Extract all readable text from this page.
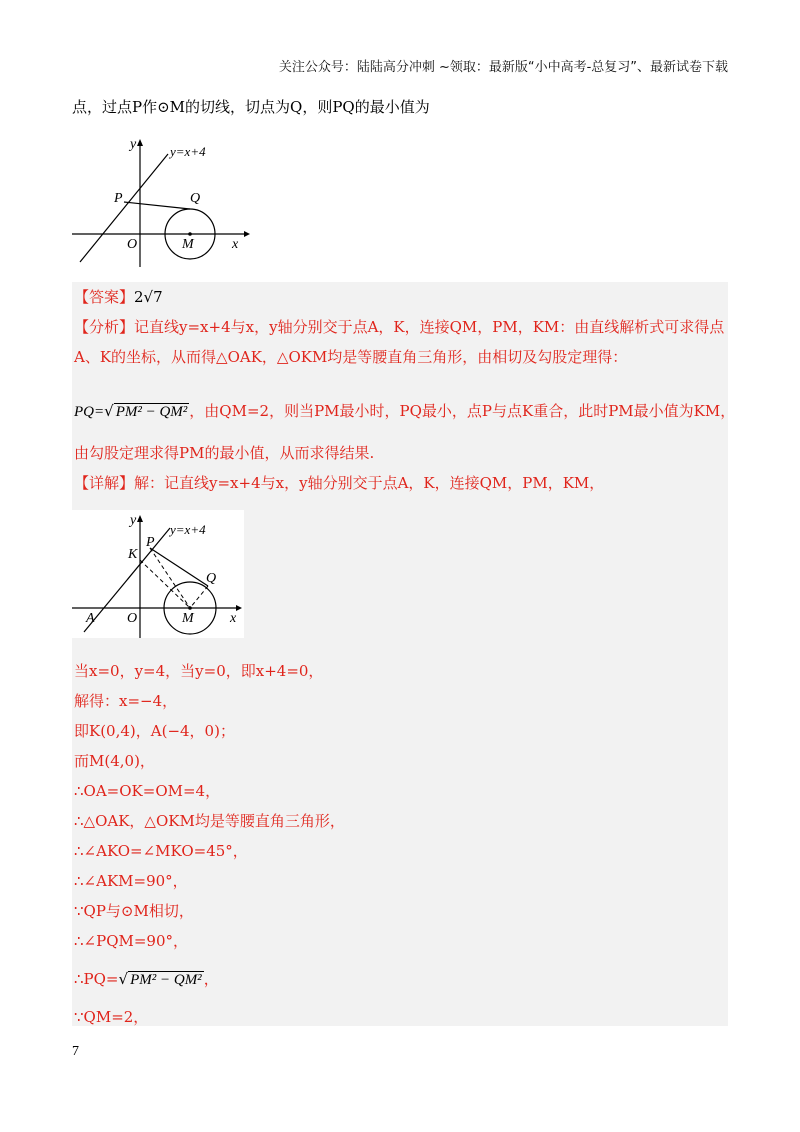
关注公众号：陆陆高分冲刺 ~领取：最新版“小中高考-总复习”、最新试卷下载
点，过点P作⊙M的切线，切点为Q，则PQ的最小值为
y	y=x+4
P	Q
O	M	x
【答案】2√7
【分析】记直线y=x+4与x，y轴分别交于点A，K，连接QM，PM，KM：由直线解析式可求得点
A、K的坐标，从而得△OAK，△OKM均是等腰直角三角形，由相切及勾股定理得：
PQ=√ PM² − QM² ，由QM=2，则当PM最小时，PQ最小，点P与点K重合，此时PM最小值为KM，
由勾股定理求得PM的最小值，从而求得结果.
【详解】解：记直线y=x+4与x，y轴分别交于点A，K，连接QM，PM，KM，
y
y=x+4
P
K
Q
A O	M	x
当x=0，y=4，当y=0，即x+4=0，
解得：x=−4，
即K(0,4)，A(−4，0)；
而M(4,0)，
∴OA=OK=OM=4，
∴△OAK，△OKM均是等腰直角三角形，
∴∠AKO=∠MKO=45°，
∴∠AKM=90°，
∵QP与⊙M相切，
∴∠PQM=90°，
∴PQ=√ PM² − QM² ，
∵QM=2，
7
